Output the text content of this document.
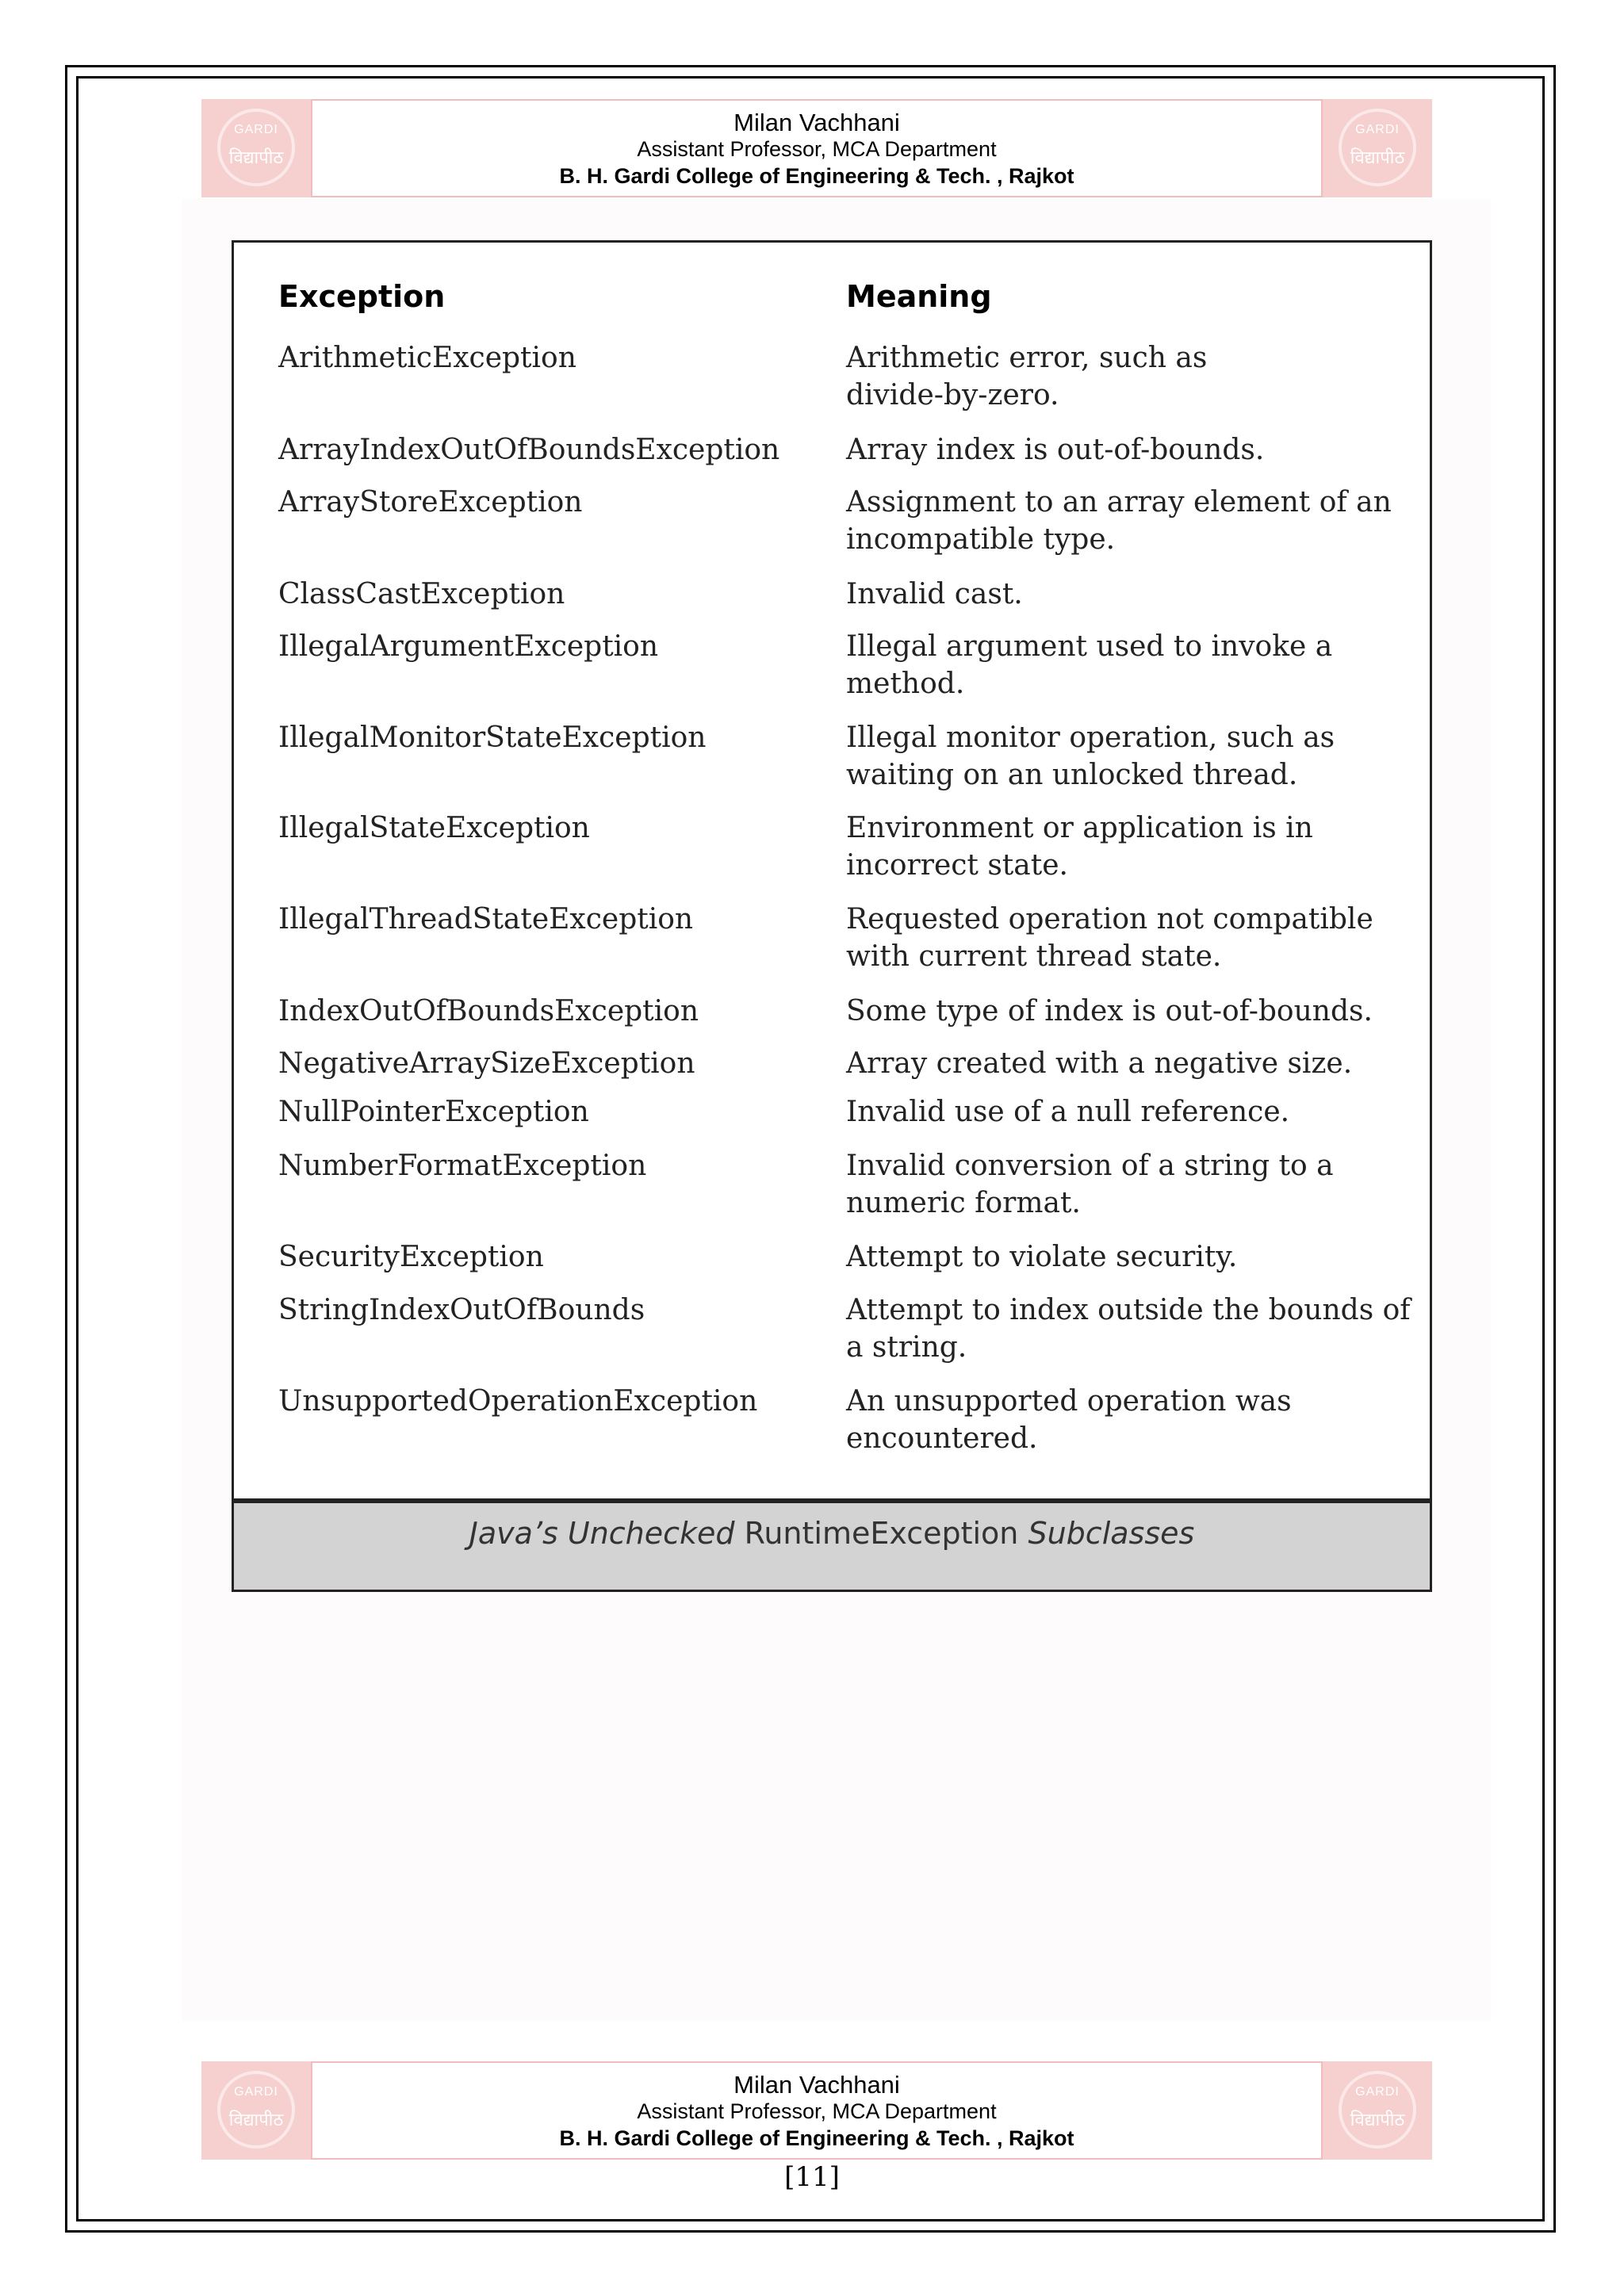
GARDI
विद्यापीठ
Milan Vachhani
Assistant Professor, MCA Department
B. H. Gardi College of Engineering & Tech. , Rajkot
GARDI
विद्यापीठ
Exception	Meaning
ArithmeticException	Arithmetic error, such as
divide-by-zero.
ArrayIndexOutOfBoundsException Array index is out-of-bounds.
ArrayStoreException	Assignment to an array element of an
incompatible type.
ClassCastException	Invalid cast.
IllegalArgumentException	Illegal argument used to invoke a
method.
IllegalMonitorStateException	Illegal monitor operation, such as
waiting on an unlocked thread.
IllegalStateException	Environment or application is in
incorrect state.
IllegalThreadStateException	Requested operation not compatible
with current thread state.
IndexOutOfBoundsException	Some type of index is out-of-bounds.
NegativeArraySizeException	Array created with a negative size.
NullPointerException	Invalid use of a null reference.
NumberFormatException	Invalid conversion of a string to a
numeric format.
SecurityException	Attempt to violate security.
StringIndexOutOfBounds	Attempt to index outside the bounds of
a string.
UnsupportedOperationException	An unsupported operation was
encountered.
Java’s Unchecked RuntimeException Subclasses
GARDI
विद्यापीठ
Milan Vachhani
Assistant Professor, MCA Department
B. H. Gardi College of Engineering & Tech. , Rajkot
GARDI
विद्यापीठ
[11]
